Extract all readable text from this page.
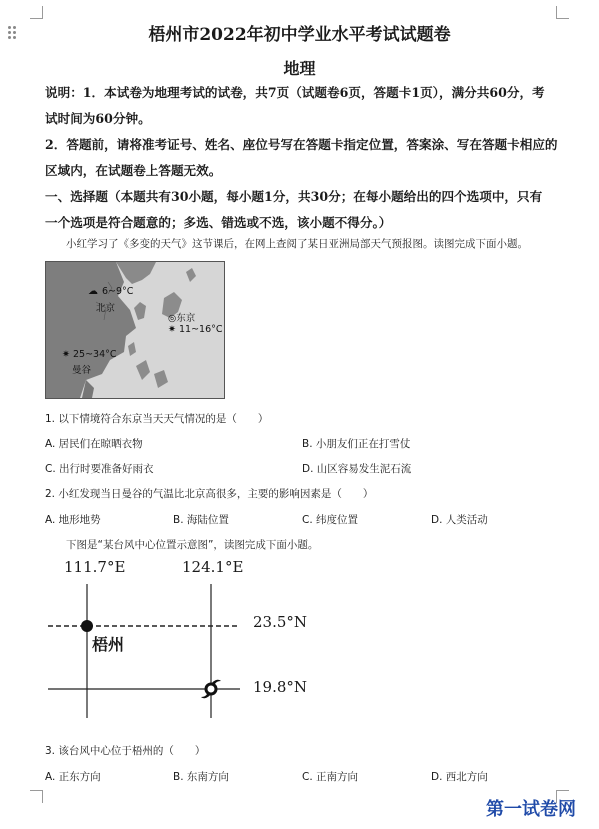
梧州市2022年初中学业水平考试试题卷
地理
说明：1．本试卷为地理考试的试卷，共7页（试题卷6页，答题卡1页），满分共60分，考
试时间为60分钟。
2．答题前，请将准考证号、姓名、座位号写在答题卡指定位置，答案涂、写在答题卡相应的
区域内，在试题卷上答题无效。
一、选择题（本题共有30小题，每小题1分，共30分；在每小题给出的四个选项中，只有
一个选项是符合题意的；多选、错选或不选，该小题不得分。）
小红学习了《多变的天气》这节课后，在网上查阅了某日亚洲局部天气预报图。读图完成下面小题。
☁ 6~9°C
北京
◎东京
✷ 11~16°C
✷ 25~34°C
曼谷
1. 以下情境符合东京当天天气情况的是（　　）
A. 居民们在晾晒衣物	B. 小朋友们正在打雪仗
C. 出行时要准备好雨衣	D. 山区容易发生泥石流
2. 小红发现当日曼谷的气温比北京高很多，主要的影响因素是（　　）
A. 地形地势	B. 海陆位置	C. 纬度位置	D. 人类活动
下图是“某台风中心位置示意图”，读图完成下面小题。
111.7°E	124.1°E
23.5°N
19.8°N
梧州
3. 该台风中心位于梧州的（　　）
A. 正东方向	B. 东南方向	C. 正南方向	D. 西北方向
第一试卷网
